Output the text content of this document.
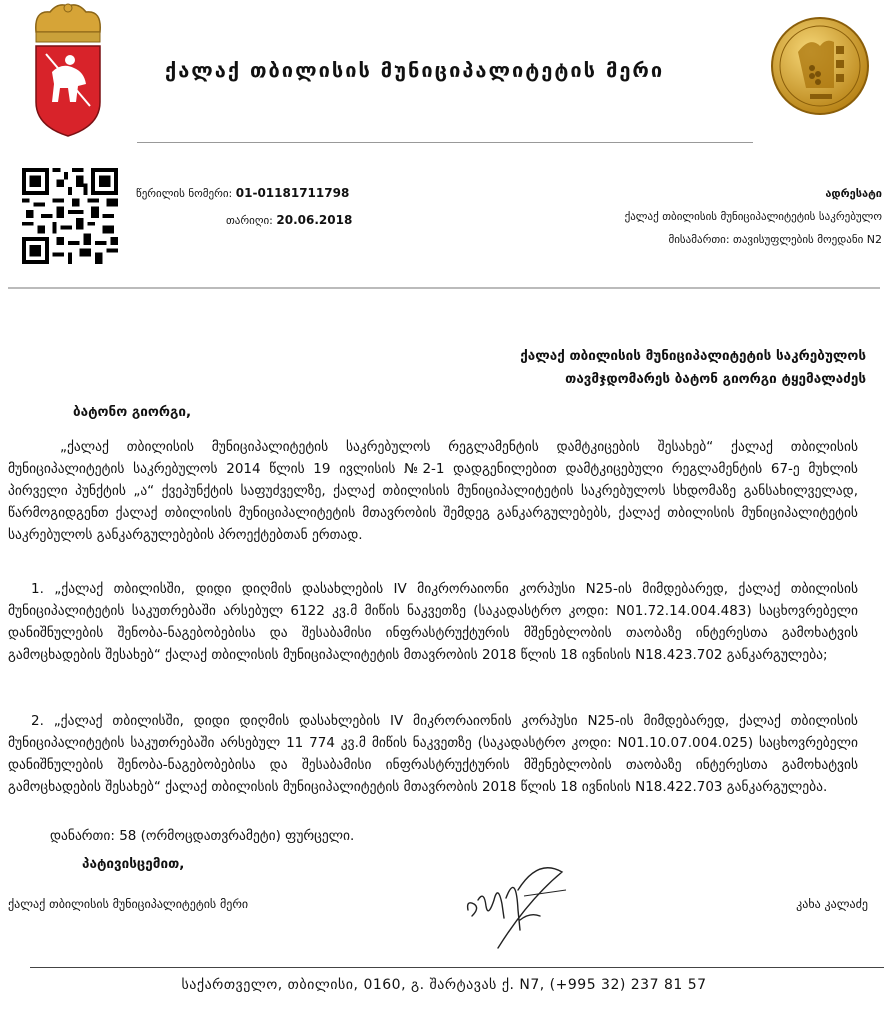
ქალაქ თბილისის მუნიციპალიტეტის მერი
წერილის ნომერი: 01-01181711798
თარიღი: 20.06.2018
ადრესატი
ქალაქ თბილისის მუნიციპალიტეტის საკრებულო
მისამართი: თავისუფლების მოედანი N2
ქალაქ თბილისის მუნიციპალიტეტის საკრებულოს
თავმჯდომარეს ბატონ გიორგი ტყემალაძეს
ბატონო გიორგი,
„ქალაქ თბილისის მუნიციპალიტეტის საკრებულოს რეგლამენტის დამტკიცების შესახებ“ ქალაქ თბილისის მუნიციპალიტეტის საკრებულოს 2014 წლის 19 ივლისის №2-1 დადგენილებით დამტკიცებული რეგლამენტის 67-ე მუხლის პირველი პუნქტის „ა“ ქვეპუნქტის საფუძველზე, ქალაქ თბილისის მუნიციპალიტეტის საკრებულოს სხდომაზე განსახილველად, წარმოგიდგენთ ქალაქ თბილისის მუნიციპალიტეტის მთავრობის შემდეგ განკარგულებებს, ქალაქ თბილისის მუნიციპალიტეტის საკრებულოს განკარგულებების პროექტებთან ერთად.
1. „ქალაქ თბილისში, დიდი დიღმის დასახლების IV მიკრორაიონი კორპუსი N25-ის მიმდებარედ, ქალაქ თბილისის მუნიციპალიტეტის საკუთრებაში არსებულ 6122 კვ.მ მიწის ნაკვეთზე (საკადასტრო კოდი: N01.72.14.004.483) საცხოვრებელი დანიშნულების შენობა-ნაგებობებისა და შესაბამისი ინფრასტრუქტურის მშენებლობის თაობაზე ინტერესთა გამოხატვის გამოცხადების შესახებ“ ქალაქ თბილისის მუნიციპალიტეტის მთავრობის 2018 წლის 18 ივნისის N18.423.702 განკარგულება;
2. „ქალაქ თბილისში, დიდი დიღმის დასახლების IV მიკრორაიონის კორპუსი N25-ის მიმდებარედ, ქალაქ თბილისის მუნიციპალიტეტის საკუთრებაში არსებულ 11 774 კვ.მ მიწის ნაკვეთზე (საკადასტრო კოდი: N01.10.07.004.025) საცხოვრებელი დანიშნულების შენობა-ნაგებობებისა და შესაბამისი ინფრასტრუქტურის მშენებლობის თაობაზე ინტერესთა გამოხატვის გამოცხადების შესახებ“ ქალაქ თბილისის მუნიციპალიტეტის მთავრობის 2018 წლის 18 ივნისის N18.422.703 განკარგულება.
დანართი: 58 (ორმოცდათვრამეტი) ფურცელი.
პატივისცემით,
ქალაქ თბილისის მუნიციპალიტეტის მერი	კახა კალაძე
საქართველო, თბილისი, 0160, გ. შარტავას ქ. N7, (+995 32) 237 81 57
